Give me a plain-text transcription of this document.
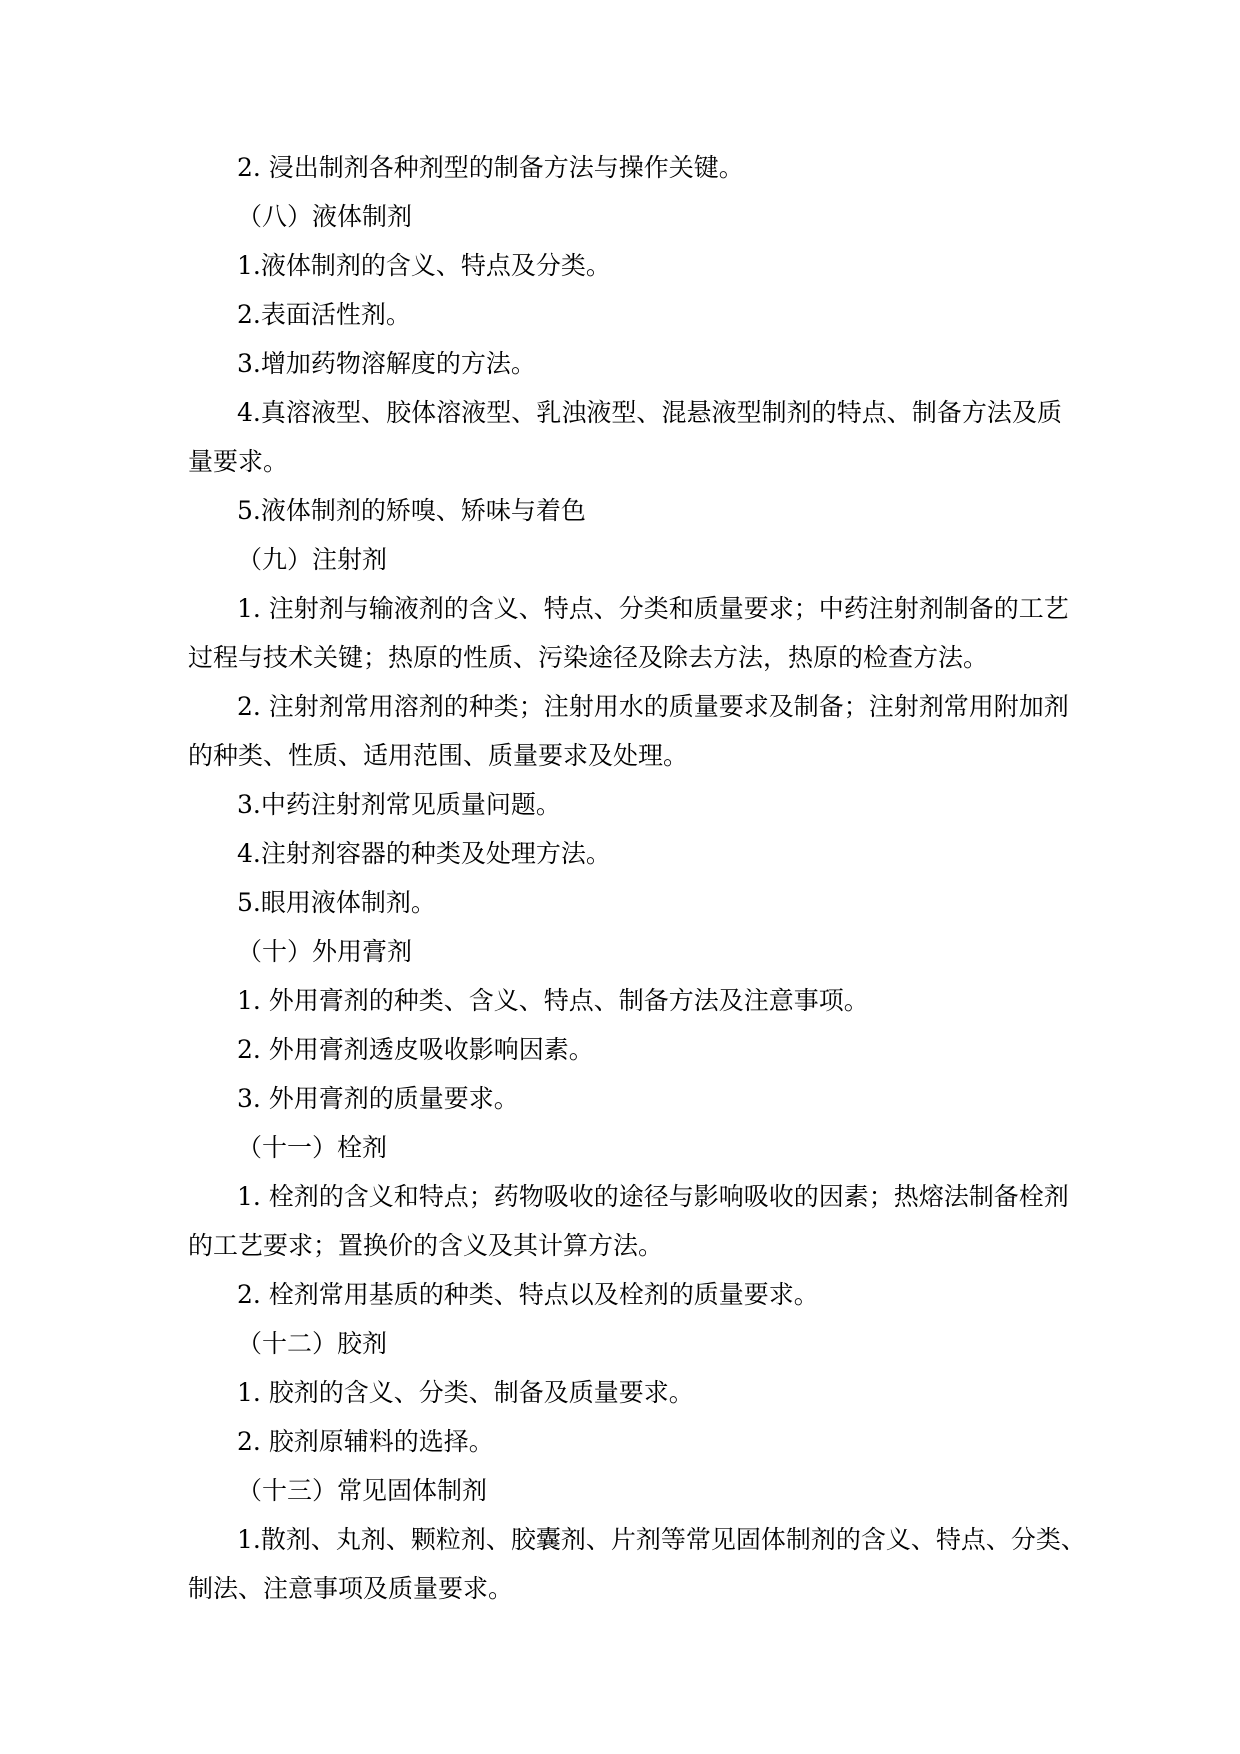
2. 浸出制剂各种剂型的制备方法与操作关键。
（八）液体制剂
1.液体制剂的含义、特点及分类。
2.表面活性剂。
3.增加药物溶解度的方法。
4.真溶液型、胶体溶液型、乳浊液型、混悬液型制剂的特点、制备方法及质
量要求。
5.液体制剂的矫嗅、矫味与着色
（九）注射剂
1. 注射剂与输液剂的含义、特点、分类和质量要求；中药注射剂制备的工艺
过程与技术关键；热原的性质、污染途径及除去方法，热原的检查方法。
2. 注射剂常用溶剂的种类；注射用水的质量要求及制备；注射剂常用附加剂
的种类、性质、适用范围、质量要求及处理。
3.中药注射剂常见质量问题。
4.注射剂容器的种类及处理方法。
5.眼用液体制剂。
（十）外用膏剂
1. 外用膏剂的种类、含义、特点、制备方法及注意事项。
2. 外用膏剂透皮吸收影响因素。
3. 外用膏剂的质量要求。
（十一）栓剂
1. 栓剂的含义和特点；药物吸收的途径与影响吸收的因素；热熔法制备栓剂
的工艺要求；置换价的含义及其计算方法。
2. 栓剂常用基质的种类、特点以及栓剂的质量要求。
（十二）胶剂
1. 胶剂的含义、分类、制备及质量要求。
2. 胶剂原辅料的选择。
（十三）常见固体制剂
1.散剂、丸剂、颗粒剂、胶囊剂、片剂等常见固体制剂的含义、特点、分类、
制法、注意事项及质量要求。
